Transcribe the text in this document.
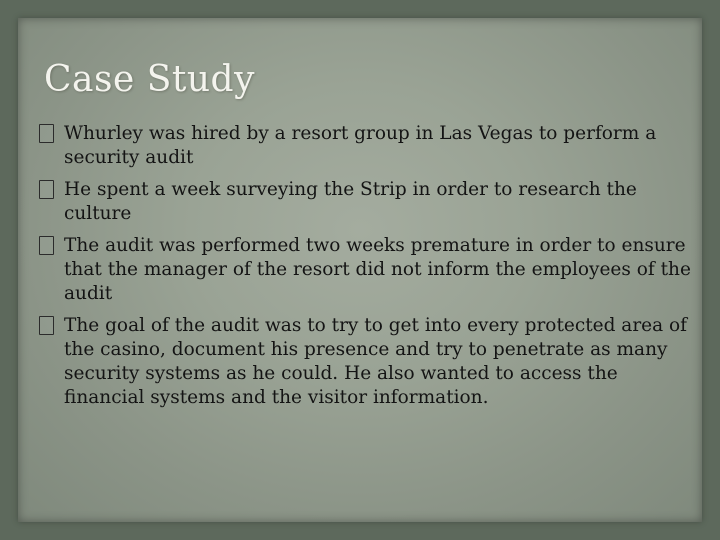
Case Study
Whurley was hired by a resort group in Las Vegas to perform a security audit
He spent a week surveying the Strip in order to research the culture
The audit was performed two weeks premature in order to ensure that the manager of the resort did not inform the employees of the audit
The goal of the audit was to try to get into every protected area of the casino, document his presence and try to penetrate as many security systems as he could. He also wanted to access the financial systems and the visitor information.
